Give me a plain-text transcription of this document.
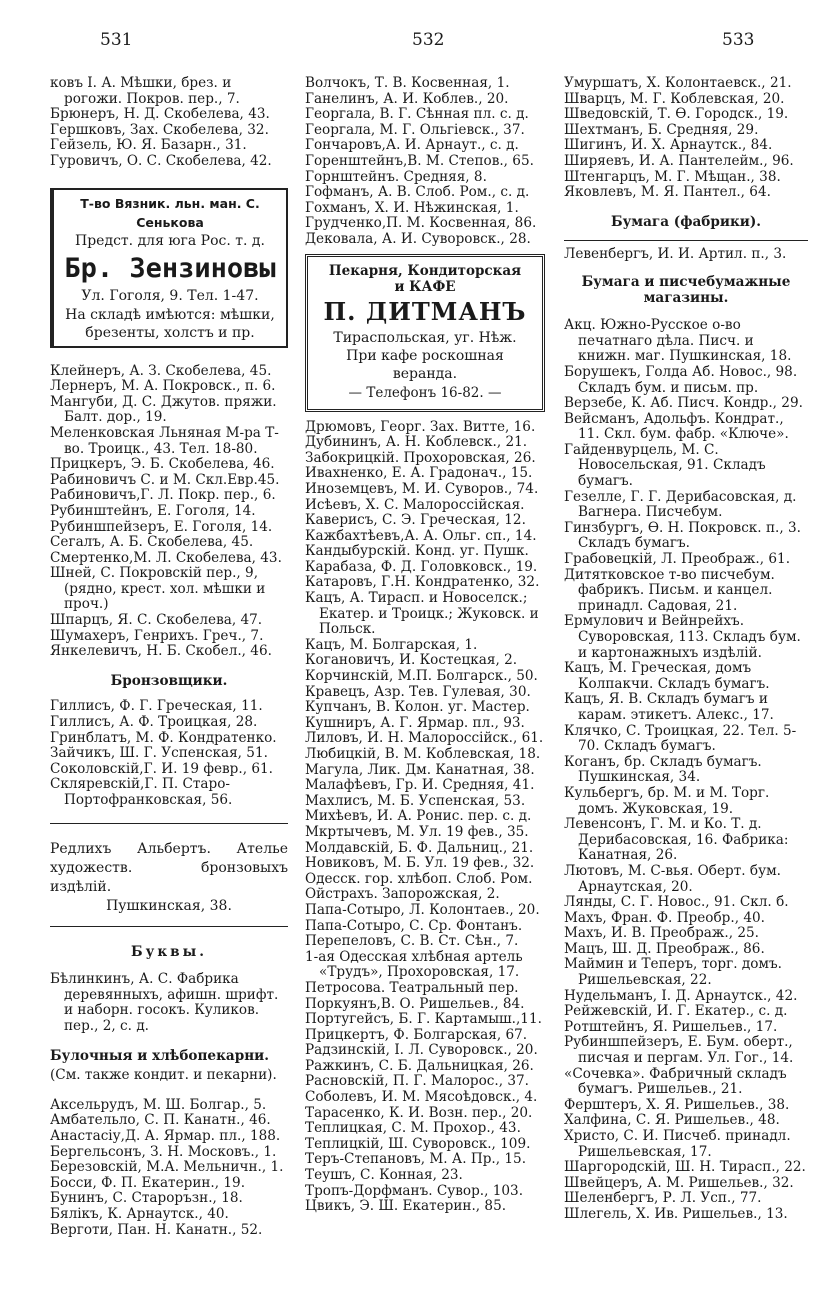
531	532	533

ковъ І. А. Мѣшки, брез. и рогожи. Покров. пер., 7.

Брюнеръ, Н. Д. Скобелева, 43.

Гершковъ, Зах. Скобелева, 32.

Гейзель, Ю. Я. Базарн., 31.

Гуровичъ, О. С. Скобелева, 42.

Т-во Вязник. льн. ман. С. Сенькова
Предст. для юга Рос. т. д.
Бр. Зензиновы
Ул. Гоголя, 9. Тел. 1-47.
На складѣ имѣются: мѣшки, брезенты, холстъ и пр.

Клейнеръ, А. З. Скобелева, 45.

Лернеръ, М. А. Покровск., п. 6.

Мангуби, Д. С. Джутов. пряжи. Балт. дор., 19.

Меленковская Льняная М-ра Т-во. Троицк., 43. Тел. 18-80.

Прицкеръ, Э. Б. Скобелева, 46.

Рабиновичъ С. и М. Скл.Евр.45.

Рабиновичъ,Г. Л. Покр. пер., 6.

Рубинштейнъ, Е. Гоголя, 14.

Рубиншпейзеръ, Е. Гоголя, 14.

Сегалъ, А. Б. Скобелева, 45.

Смертенко,М. Л. Скобелева, 43.

Шней, С. Покровскій пер., 9, (рядно, крест. хол. мѣшки и проч.)

Шпарцъ, Я. С. Скобелева, 47.

Шумахеръ, Генрихъ. Греч., 7.

Янкелевичъ, Н. Б. Скобел., 46.

Бронзовщики.

Гиллисъ, Ф. Г. Греческая, 11.

Гиллисъ, А. Ф. Троицкая, 28.

Гринблатъ, М. Ф. Кондратенко.

Зайчикъ, Ш. Г. Успенская, 51.

Соколовскій,Г. И. 19 февр., 61.

Скляревскій,Г. П. Старо-Портофранковская, 56.

Редлихъ Альбертъ. Ателье художеств. бронзовыхъ издѣлій.

Пушкинская, 38.

Буквы.

Бѣлинкинъ, А. С. Фабрика деревянныхъ, афишн. шрифт. и наборн. госокъ. Куликов. пер., 2, с. д.

Булочныя и хлѣбопекарни.

(См. также кондит. и пекарни).

Аксельрудъ, М. Ш. Болгар., 5.

Амбательло, С. П. Канатн., 46.

Анастасіу,Д. А. Ярмар. пл., 188.

Бергельсонъ, З. Н. Московъ., 1.

Березовскій, М.А. Мельничн., 1.

Босси, Ф. П. Екатерин., 19.

Бунинъ, С. Староръзн., 18.

Бялікъ, К. Арнаутск., 40.

Верготи, Пан. Н. Канатн., 52.

Волчокъ, Т. В. Косвенная, 1.

Ганелинъ, А. И. Коблев., 20.

Георгала, В. Г. Сѣнная пл. с. д.

Георгала, М. Г. Ольгіевск., 37.

Гончаровъ,А. И. Арнаут., с. д.

Горенштейнъ,В. М. Степов., 65.

Горнштейнъ. Средняя, 8.

Гофманъ, А. В. Слоб. Ром., с. д.

Гохманъ, Х. И. Нѣжинская, 1.

Грудченко,П. М. Косвенная, 86.

Дековала, А. И. Суворовск., 28.

Пекарня, Кондиторская
и КАФЕ
П. ДИТМАНЪ
Тираспольская, уг. Нѣж.
При кафе роскошная веранда.
— Телефонъ 16-82. —

Дрюмовъ, Георг. Зах. Витте, 16.

Дубининъ, А. Н. Коблевск., 21.

Забокрицкій. Прохоровская, 26.

Ивахненко, Е. А. Градонач., 15.

Иноземцевъ, М. И. Суворов., 74.

Исѣевъ, Х. С. Малороссійская.

Каверисъ, С. Э. Греческая, 12.

Кажбахтѣевъ,А. А. Ольг. сп., 14.

Кандыбурскій. Конд. уг. Пушк.

Карабаза, Ф. Д. Головковск., 19.

Катаровъ, Г.Н. Кондратенко, 32.

Кацъ, А. Тирасп. и Новоселск.; Екатер. и Троицк.; Жуковск. и Польск.

Кацъ, М. Болгарская, 1.

Когановичъ, И. Костецкая, 2.

Корчинскій, М.П. Болгарск., 50.

Кравецъ, Азр. Тев. Гулевая, 30.

Купчанъ, В. Колон. уг. Мастер.

Кушниръ, А. Г. Ярмар. пл., 93.

Лиловъ, И. Н. Малороссійск., 61.

Любицкій, В. М. Коблевская, 18.

Магула, Лик. Дм. Канатная, 38.

Малафѣевъ, Гр. И. Средняя, 41.

Махлисъ, М. Б. Успенская, 53.

Михѣевъ, И. А. Ронис. пер. с. д.

Мкртычевъ, М. Ул. 19 фев., 35.

Молдавскій, Б. Ф. Дальниц., 21.

Новиковъ, М. Б. Ул. 19 фев., 32.

Одесск. гор. хлѣбоп. Слоб. Ром.

Ойстрахъ. Запорожская, 2.

Папа-Сотыро, Л. Колонтаев., 20.

Папа-Сотыро, С. Ср. Фонтанъ.

Перепеловъ, С. В. Ст. Сѣн., 7.

1-ая Одесская хлѣбная артель «Трудъ», Прохоровская, 17.

Петросова. Театральный пер.

Поркуянъ,В. О. Ришельев., 84.

Португейсъ, Б. Г. Картамыш.,11.

Прицкертъ, Ф. Болгарская, 67.

Радзинскій, І. Л. Суворовск., 20.

Ражкинъ, С. Б. Дальницкая, 26.

Расновскій, П. Г. Малорос., 37.

Соболевъ, И. М. Мясоѣдовск., 4.

Тарасенко, К. И. Возн. пер., 20.

Теплицкая, С. М. Прохор., 43.

Теплицкій, Ш. Суворовск., 109.

Теръ-Степановъ, М. А. Пр., 15.

Теушъ, С. Конная, 23.

Тропъ-Дорфманъ. Сувор., 103.

Цвикъ, Э. Ш. Екатерин., 85.

Умуршатъ, Х. Колонтаевск., 21.

Шварцъ, М. Г. Коблевская, 20.

Шведовскій, Т. Ѳ. Городск., 19.

Шехтманъ, Б. Средняя, 29.

Шигинъ, И. Х. Арнаутск., 84.

Ширяевъ, И. А. Пантелейм., 96.

Штенгарцъ, М. Г. Мѣщан., 38.

Яковлевъ, М. Я. Пантел., 64.

Бумага (фабрики).

Левенбергъ, И. И. Артил. п., 3.

Бумага и писчебумажные магазины.

Акц. Южно-Русское о-во печатнаго дѣла. Писч. и книжн. маг. Пушкинская, 18.

Борушекъ, Голда Аб. Новос., 98. Складъ бум. и письм. пр.

Верзебе, К. Аб. Писч. Кондр., 29.

Вейсманъ, Адольфъ. Кондрат., 11. Скл. бум. фабр. «Ключе».

Гайденвурцель, М. С. Новосельская, 91. Складъ бумагъ.

Гезелле, Г. Г. Дерибасовская, д. Вагнера. Писчебум.

Гинзбургъ, Ѳ. Н. Покровск. п., 3. Складъ бумагъ.

Грабовецкій, Л. Преображ., 61.

Дитятковское т-во писчебум. фабрикъ. Письм. и канцел. принадл. Садовая, 21.

Ермулович и Вейнрейхъ. Суворовская, 113. Складъ бум. и картонажныхъ издѣлій.

Кацъ, М. Греческая, домъ Колпакчи. Складъ бумагъ.

Кацъ, Я. В. Складъ бумагъ и карам. этикетъ. Алекс., 17.

Клячко, С. Троицкая, 22. Тел. 5-70. Складъ бумагъ.

Коганъ, бр. Складъ бумагъ. Пушкинская, 34.

Кульбергъ, бр. М. и М. Торг. домъ. Жуковская, 19.

Левенсонъ, Г. М. и Ко. Т. д. Дерибасовская, 16. Фабрика: Канатная, 26.

Лютовъ, М. С-вья. Оберт. бум. Арнаутская, 20.

Лянды, С. Г. Новос., 91. Скл. б.

Махъ, Фран. Ф. Преобр., 40.

Махъ, И. В. Преображ., 25.

Мацъ, Ш. Д. Преображ., 86.

Маймин и Теперъ, торг. домъ. Ришельевская, 22.

Нудельманъ, І. Д. Арнаутск., 42.

Рейжевскій, И. Г. Екатер., с. д.

Ротштейнъ, Я. Ришельев., 17.

Рубиншпейзеръ, Е. Бум. оберт., писчая и пергам. Ул. Гог., 14.

«Сочевка». Фабричный складъ бумагъ. Ришельев., 21.

Ферштеръ, Х. Я. Ришельев., 38.

Халфина, С. Я. Ришельев., 48.

Христо, С. И. Писчеб. принадл. Ришельевская, 17.

Шаргородскій, Ш. Н. Тирасп., 22.

Швейцеръ, А. М. Ришельев., 32.

Шеленбергъ, Р. Л. Усп., 77.

Шлегель, Х. Ив. Ришельев., 13.
